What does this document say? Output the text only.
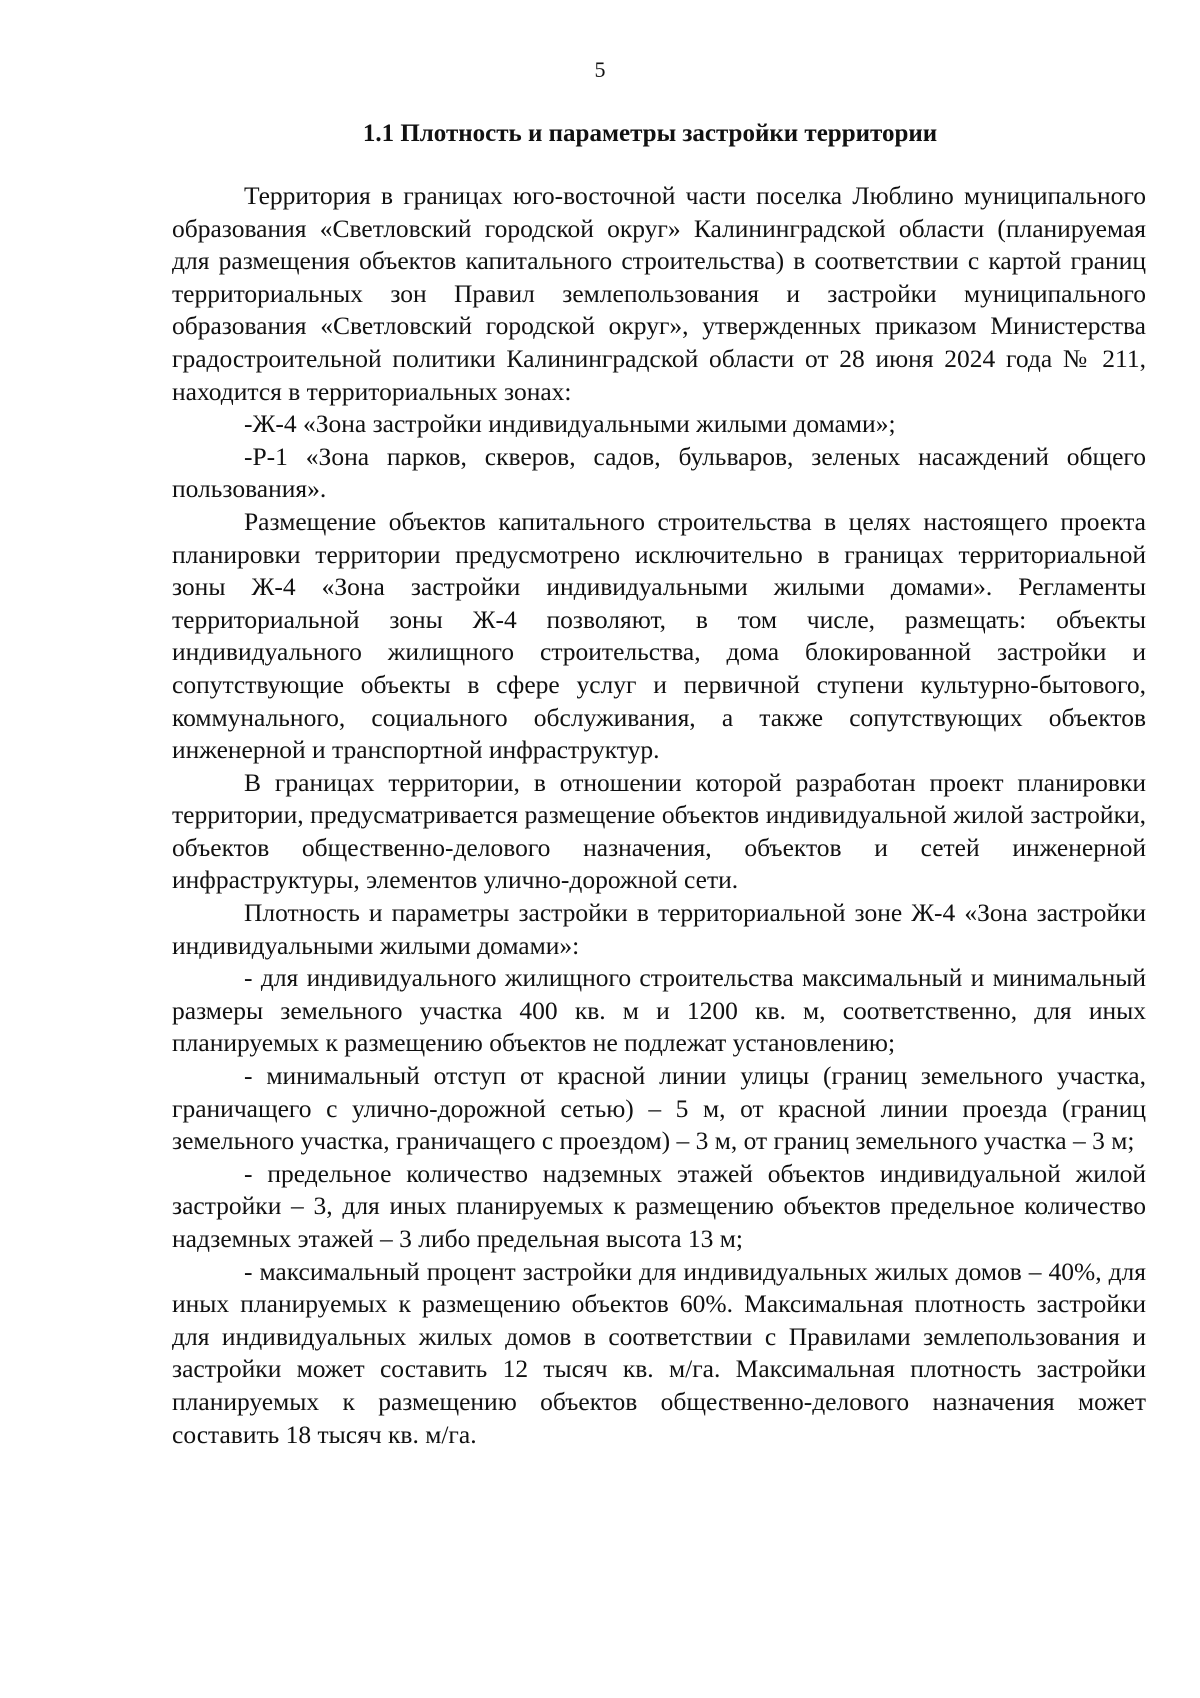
5
1.1 Плотность и параметры застройки территории

Территория в границах юго-восточной части поселка Люблино муниципального образования «Светловский городской округ» Калининградской области (планируемая для размещения объектов капитального строительства) в соответствии с картой границ территориальных зон Правил землепользования и застройки муниципального образования «Светловский городской округ», утвержденных приказом Министерства градостроительной политики Калининградской области от 28 июня 2024 года № 211, находится в территориальных зонах:

-Ж-4 «Зона застройки индивидуальными жилыми домами»;

-Р-1 «Зона парков, скверов, садов, бульваров, зеленых насаждений общего пользования».

Размещение объектов капитального строительства в целях настоящего проекта планировки территории предусмотрено исключительно в границах территориальной зоны Ж-4 «Зона застройки индивидуальными жилыми домами». Регламенты территориальной зоны Ж-4 позволяют, в том числе, размещать: объекты индивидуального жилищного строительства, дома блокированной застройки и сопутствующие объекты в сфере услуг и первичной ступени культурно-бытового, коммунального, социального обслуживания, а также сопутствующих объектов инженерной и транспортной инфраструктур.

В границах территории, в отношении которой разработан проект планировки территории, предусматривается размещение объектов индивидуальной жилой застройки, объектов общественно-делового назначения, объектов и сетей инженерной инфраструктуры, элементов улично-дорожной сети.

Плотность и параметры застройки в территориальной зоне Ж-4 «Зона застройки индивидуальными жилыми домами»:

- для индивидуального жилищного строительства максимальный и минимальный размеры земельного участка 400 кв. м и 1200 кв. м, соответственно, для иных планируемых к размещению объектов не подлежат установлению;

- минимальный отступ от красной линии улицы (границ земельного участка, граничащего с улично-дорожной сетью) – 5 м, от красной линии проезда (границ земельного участка, граничащего с проездом) – 3 м, от границ земельного участка – 3 м;

- предельное количество надземных этажей объектов индивидуальной жилой застройки – 3, для иных планируемых к размещению объектов предельное количество надземных этажей – 3 либо предельная высота 13 м;

- максимальный процент застройки для индивидуальных жилых домов – 40%, для иных планируемых к размещению объектов 60%. Максимальная плотность застройки для индивидуальных жилых домов в соответствии с Правилами землепользования и застройки может составить 12 тысяч кв. м/га. Максимальная плотность застройки планируемых к размещению объектов общественно-делового назначения может составить 18 тысяч кв. м/га.
